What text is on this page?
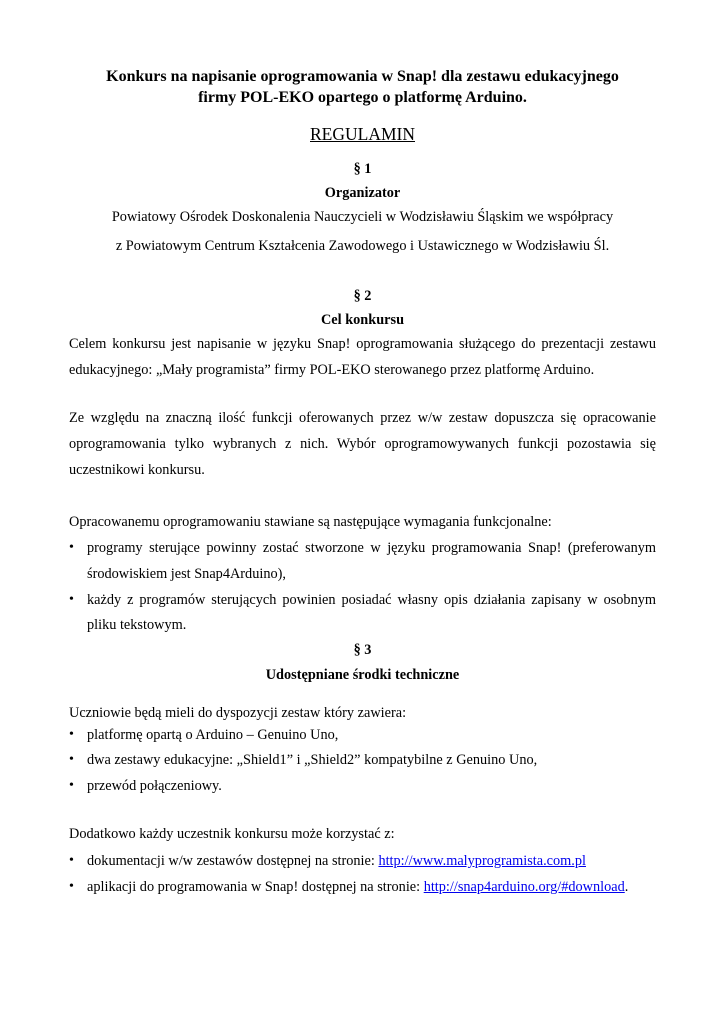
Konkurs na napisanie oprogramowania w Snap! dla zestawu edukacyjnego
firmy POL-EKO opartego o platformę Arduino.
REGULAMIN
§ 1
Organizator
Powiatowy Ośrodek Doskonalenia Nauczycieli w Wodzisławiu Śląskim we współpracy
z Powiatowym Centrum Kształcenia Zawodowego i Ustawicznego w Wodzisławiu Śl.
§ 2
Cel konkursu
Celem konkursu jest napisanie w języku Snap! oprogramowania służącego do prezentacji zestawu
edukacyjnego: „Mały programista” firmy POL-EKO sterowanego przez platformę Arduino.
Ze względu na znaczną ilość funkcji oferowanych przez w/w zestaw dopuszcza się opracowanie
oprogramowania tylko wybranych z nich. Wybór oprogramowywanych funkcji pozostawia się
uczestnikowi konkursu.
Opracowanemu oprogramowaniu stawiane są następujące wymagania funkcjonalne:
• programy sterujące powinny zostać stworzone w języku programowania Snap! (preferowanym
środowiskiem jest Snap4Arduino),
• każdy z programów sterujących powinien posiadać własny opis działania zapisany w osobnym
pliku tekstowym.
§ 3
Udostępniane środki techniczne
Uczniowie będą mieli do dyspozycji zestaw który zawiera:
• platformę opartą o Arduino – Genuino Uno,
• dwa zestawy edukacyjne: „Shield1” i „Shield2” kompatybilne z Genuino Uno,
• przewód połączeniowy.
Dodatkowo każdy uczestnik konkursu może korzystać z:
• dokumentacji w/w zestawów dostępnej na stronie: http://www.malyprogramista.com.pl
• aplikacji do programowania w Snap! dostępnej na stronie: http://snap4arduino.org/#download.
